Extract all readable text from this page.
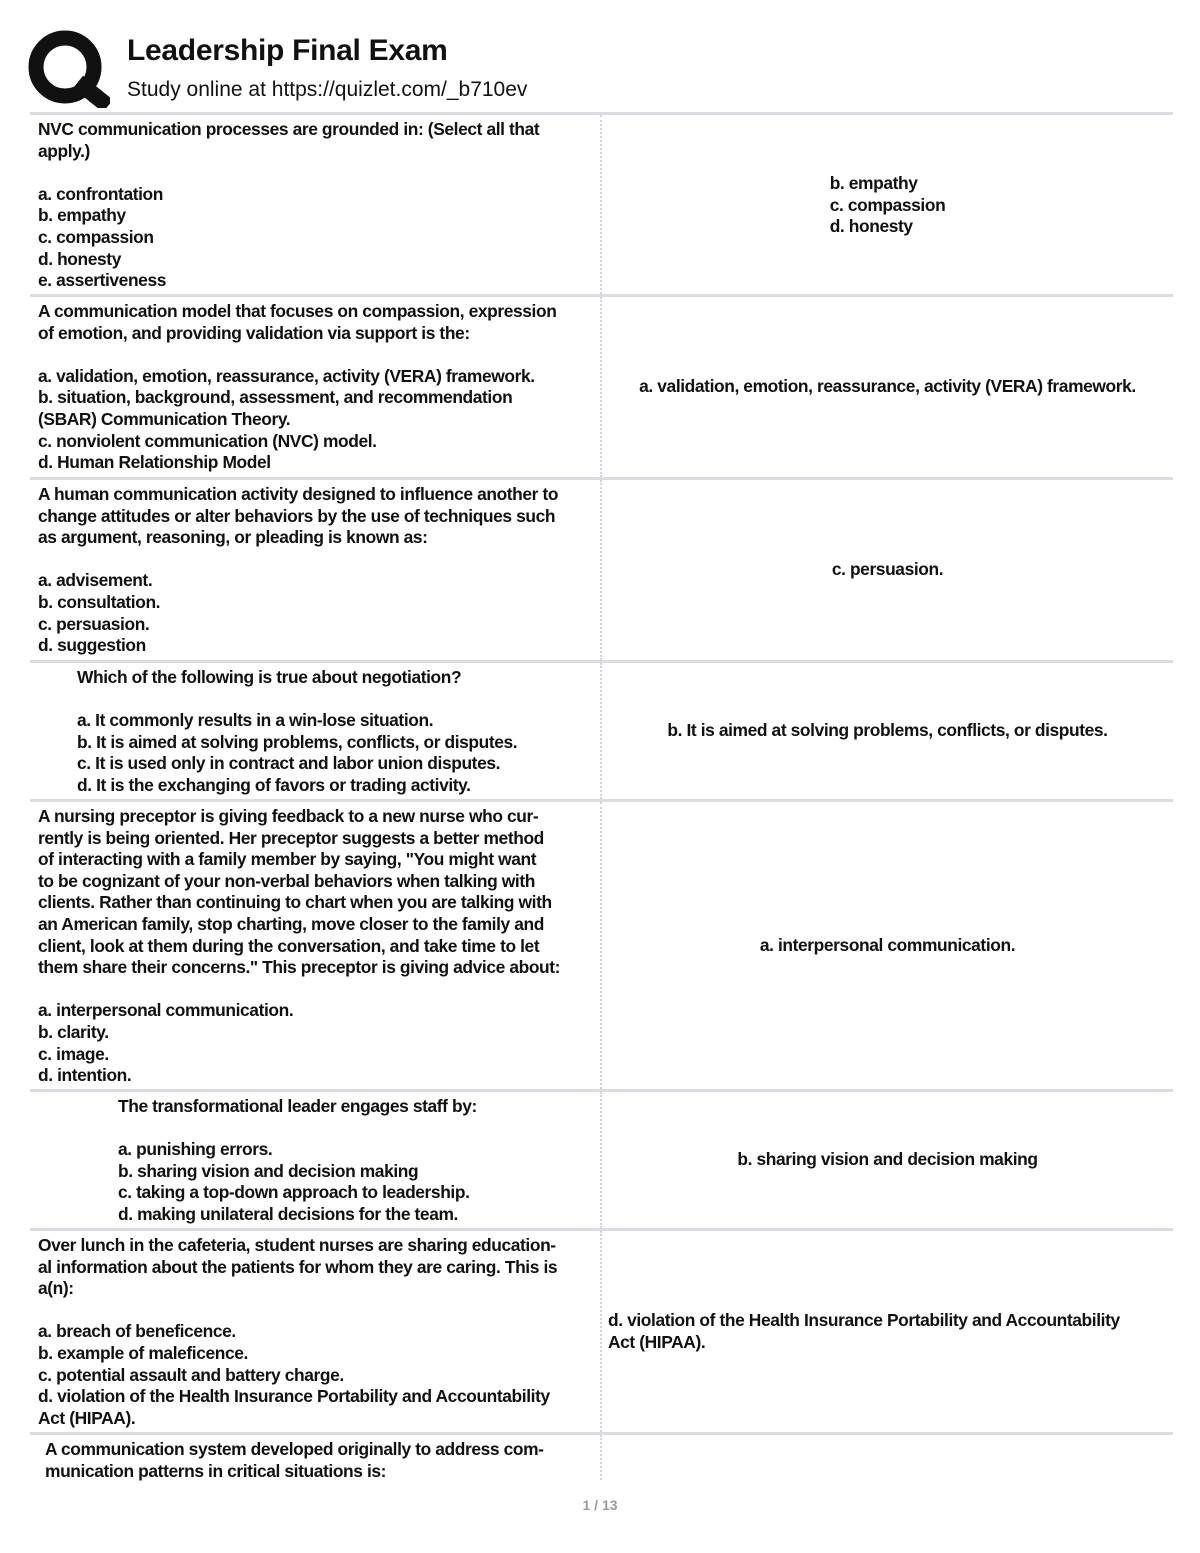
Leadership Final Exam
Study online at https://quizlet.com/_b710ev
NVC communication processes are grounded in: (Select all that
apply.)

a. confrontation
b. empathy
c. compassion
d. honesty
e. assertiveness
b. empathy
c. compassion
d. honesty
A communication model that focuses on compassion, expression
of emotion, and providing validation via support is the:

a. validation, emotion, reassurance, activity (VERA) framework.
b. situation, background, assessment, and recommendation
(SBAR) Communication Theory.
c. nonviolent communication (NVC) model.
d. Human Relationship Model
a. validation, emotion, reassurance, activity (VERA) framework.
A human communication activity designed to influence another to
change attitudes or alter behaviors by the use of techniques such
as argument, reasoning, or pleading is known as:

a. advisement.
b. consultation.
c. persuasion.
d. suggestion
c. persuasion.
Which of the following is true about negotiation?

a. It commonly results in a win-lose situation.
b. It is aimed at solving problems, conflicts, or disputes.
c. It is used only in contract and labor union disputes.
d. It is the exchanging of favors or trading activity.
b. It is aimed at solving problems, conflicts, or disputes.
A nursing preceptor is giving feedback to a new nurse who cur-
rently is being oriented. Her preceptor suggests a better method
of interacting with a family member by saying, "You might want
to be cognizant of your non-verbal behaviors when talking with
clients. Rather than continuing to chart when you are talking with
an American family, stop charting, move closer to the family and
client, look at them during the conversation, and take time to let
them share their concerns." This preceptor is giving advice about:

a. interpersonal communication.
b. clarity.
c. image.
d. intention.
a. interpersonal communication.
The transformational leader engages staff by:

a. punishing errors.
b. sharing vision and decision making
c. taking a top-down approach to leadership.
d. making unilateral decisions for the team.
b. sharing vision and decision making
Over lunch in the cafeteria, student nurses are sharing education-
al information about the patients for whom they are caring. This is
a(n):

a. breach of beneficence.
b. example of maleficence.
c. potential assault and battery charge.
d. violation of the Health Insurance Portability and Accountability
Act (HIPAA).
d. violation of the Health Insurance Portability and Accountability
Act (HIPAA).
A communication system developed originally to address com-
munication patterns in critical situations is:
1 / 13
